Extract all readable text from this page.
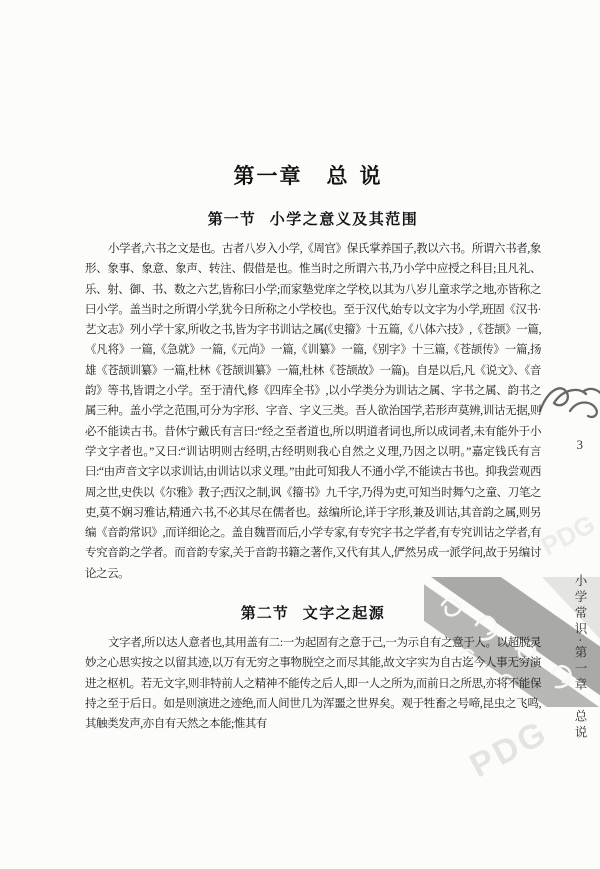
PDG
PDG
第一章 总说
第一节 小学之意义及其范围

小学者,六书之文是也。古者八岁入小学,《周官》保氏掌养国子,教以六书。所谓六书者,象形、象事、象意、象声、转注、假借是也。惟当时之所谓六书,乃小学中应授之科目;且凡礼、乐、射、御、书、数之六艺,皆称曰小学;而家塾党庠之学校,以其为八岁儿童求学之地,亦皆称之曰小学。盖当时之所谓小学,犹今日所称之小学校也。至于汉代,始专以文字为小学,班固《汉书·艺文志》列小学十家,所收之书,皆为字书训诂之属(《史籀》十五篇,《八体六技》,《苍颉》一篇,《凡将》一篇,《急就》一篇,《元尚》一篇,《训纂》一篇,《别字》十三篇,《苍颉传》一篇,扬雄《苍颉训纂》一篇,杜林《苍颉训纂》一篇,杜林《苍颉故》一篇)。自是以后,凡《说文》、《音韵》等书,皆谓之小学。至于清代,修《四库全书》,以小学类分为训诂之属、字书之属、韵书之属三种。盖小学之范围,可分为字形、字音、字义三类。吾人欲治国学,若形声莫辨,训诂无据,则必不能读古书。昔休宁戴氏有言曰:“经之至者道也,所以明道者词也,所以成词者,未有能外于小学文字者也。”又曰:“训诂明则古经明,古经明则我心自然之义理,乃因之以明。”嘉定钱氏有言曰:“由声音文字以求训诂,由训诂以求义理。”由此可知我人不通小学,不能读古书也。抑我尝观西周之世,史佚以《尔雅》教子;西汉之制,讽《籀书》九千字,乃得为吏,可知当时舞勺之童、刀笔之吏,莫不娴习雅诂,精通六书,不必其尽在儒者也。兹编所论,详于字形,兼及训诂,其音韵之属,则另编《音韵常识》,而详细论之。盖自魏晋而后,小学专家,有专究字书之学者,有专究训诂之学者,有专究音韵之学者。而音韵专家,关于音韵书籍之著作,又代有其人,俨然另成一派学问,故于另编讨论之云。

第二节 文字之起源

文字者,所以达人意者也,其用盖有二:一为起固有之意于己,一为示自有之意于人。以超脱灵妙之心思实按之以留其迹,以万有无穷之事物脱空之而尽其能,故文字实为自古迄今人事无穷演进之枢机。若无文字,则非特前人之精神不能传之后人,即一人之所为,而前日之所思,亦将不能保持之至于后日。如是则演进之迹绝,而人间世几为浑噩之世界矣。观于牲畜之号啼,昆虫之飞鸣,其触类发声,亦自有天然之本能;惟其有

3
小学常识·第一章　总说
